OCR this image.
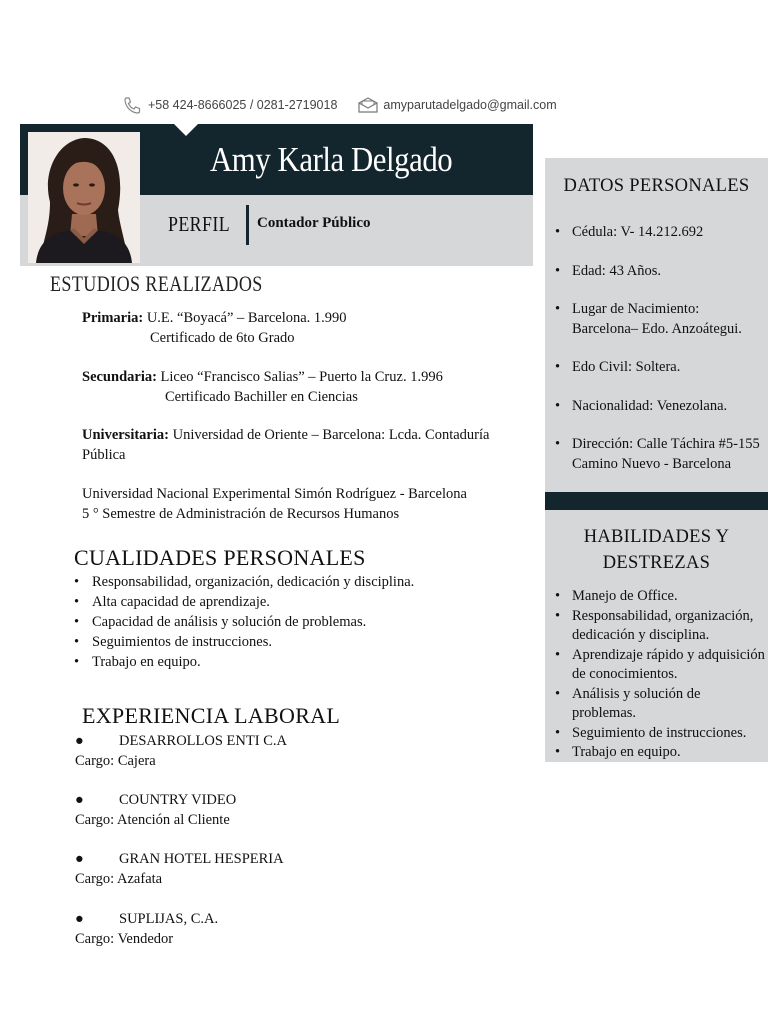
+58 424-8666025 / 0281-2719018	amyparutadelgado@gmail.com
Amy Karla Delgado
PERFIL Contador Público
ESTUDIOS REALIZADOS
Primaria: U.E. “Boyacá” – Barcelona. 1.990
Certificado de 6to Grado
Secundaria: Liceo “Francisco Salias” – Puerto la Cruz. 1.996
Certificado Bachiller en Ciencias
Universitaria: Universidad de Oriente – Barcelona: Lcda. Contaduría
Pública
Universidad Nacional Experimental Simón Rodríguez - Barcelona
5 ° Semestre de Administración de Recursos Humanos
CUALIDADES PERSONALES
• Responsabilidad, organización, dedicación y disciplina.
• Alta capacidad de aprendizaje.
• Capacidad de análisis y solución de problemas.
• Seguimientos de instrucciones.
• Trabajo en equipo.
EXPERIENCIA LABORAL
●	DESARROLLOS ENTI C.A
Cargo: Cajera
●	COUNTRY VIDEO
Cargo: Atención al Cliente
●	GRAN HOTEL HESPERIA
Cargo: Azafata
●	SUPLIJAS, C.A.
Cargo: Vendedor
DATOS PERSONALES
• Cédula: V- 14.212.692
• Edad: 43 Años.
• Lugar de Nacimiento: Barcelona– Edo. Anzoátegui.
• Edo Civil: Soltera.
• Nacionalidad: Venezolana.
• Dirección: Calle Táchira #5-155 Camino Nuevo - Barcelona
HABILIDADES Y
DESTREZAS
• Manejo de Office.
• Responsabilidad, organización, dedicación y disciplina.
• Aprendizaje rápido y adquisición de conocimientos.
• Análisis y solución de problemas.
• Seguimiento de instrucciones.
• Trabajo en equipo.
